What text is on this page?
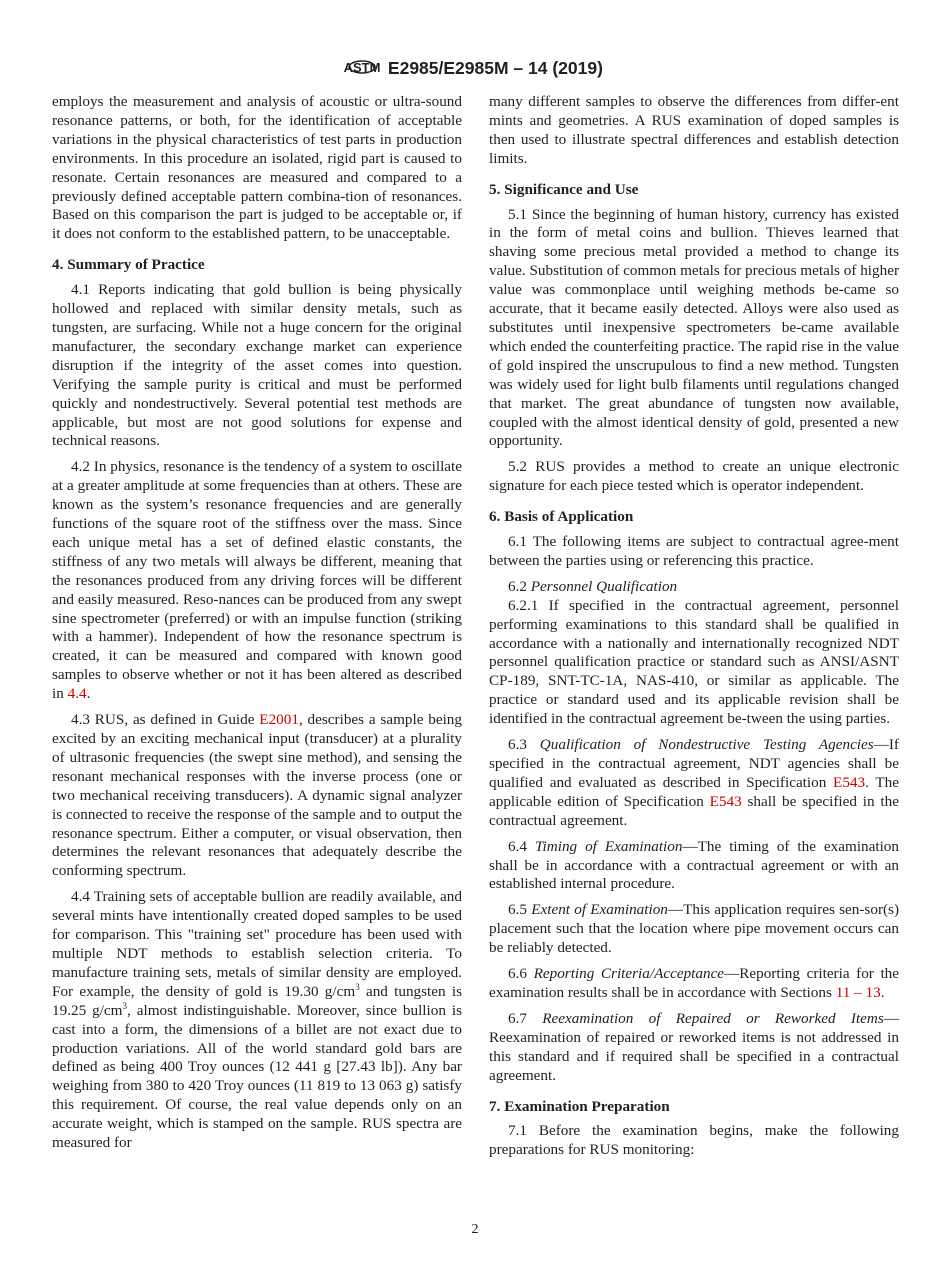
ASTM E2985/E2985M – 14 (2019)

employs the measurement and analysis of acoustic or ultra-sound resonance patterns, or both, for the identification of acceptable variations in the physical characteristics of test parts in production environments. In this procedure an isolated, rigid part is caused to resonate. Certain resonances are measured and compared to a previously defined acceptable pattern combina-tion of resonances. Based on this comparison the part is judged to be acceptable or, if it does not conform to the established pattern, to be unacceptable.

4. Summary of Practice

4.1 Reports indicating that gold bullion is being physically hollowed and replaced with similar density metals, such as tungsten, are surfacing. While not a huge concern for the original manufacturer, the secondary exchange market can experience disruption if the integrity of the asset comes into question. Verifying the sample purity is critical and must be performed quickly and nondestructively. Several potential test methods are applicable, but most are not good solutions for expense and technical reasons.

4.2 In physics, resonance is the tendency of a system to oscillate at a greater amplitude at some frequencies than at others. These are known as the system’s resonance frequencies and are generally functions of the square root of the stiffness over the mass. Since each unique metal has a set of defined elastic constants, the stiffness of any two metals will always be different, meaning that the resonances produced from any driving forces will be different and easily measured. Reso-nances can be produced from any swept sine spectrometer (preferred) or with an impulse function (striking with a hammer). Independent of how the resonance spectrum is created, it can be measured and compared with known good samples to observe whether or not it has been altered as described in 4.4.

4.3 RUS, as defined in Guide E2001, describes a sample being excited by an exciting mechanical input (transducer) at a plurality of ultrasonic frequencies (the swept sine method), and sensing the resonant mechanical responses with the inverse process (one or two mechanical receiving transducers). A dynamic signal analyzer is connected to receive the response of the sample and to output the resonance spectrum. Either a computer, or visual observation, then determines the relevant resonances that adequately describe the conforming spectrum.

4.4 Training sets of acceptable bullion are readily available, and several mints have intentionally created doped samples to be used for comparison. This "training set" procedure has been used with multiple NDT methods to establish selection criteria. To manufacture training sets, metals of similar density are employed. For example, the density of gold is 19.30 $g/cm^3$ and tungsten is 19.25 $g/cm^3$, almost indistinguishable. Moreover, since bullion is cast into a form, the dimensions of a billet are not exact due to production variations. All of the world standard gold bars are defined as being 400 Troy ounces (12 441 g [27.43 lb]). Any bar weighing from 380 to 420 Troy ounces (11 819 to 13 063 g) satisfy this requirement. Of course, the real value depends only on an accurate weight, which is stamped on the sample. RUS spectra are measured for

many different samples to observe the differences from differ-ent mints and geometries. A RUS examination of doped samples is then used to illustrate spectral differences and establish detection limits.

5. Significance and Use

5.1 Since the beginning of human history, currency has existed in the form of metal coins and bullion. Thieves learned that shaving some precious metal provided a method to change its value. Substitution of common metals for precious metals of higher value was commonplace until weighing methods be-came so accurate, that it became easily detected. Alloys were also used as substitutes until inexpensive spectrometers be-came available which ended the counterfeiting practice. The rapid rise in the value of gold inspired the unscrupulous to find a new method. Tungsten was widely used for light bulb filaments until regulations changed that market. The great abundance of tungsten now available, coupled with the almost identical density of gold, presented a new opportunity.

5.2 RUS provides a method to create an unique electronic signature for each piece tested which is operator independent.

6. Basis of Application

6.1 The following items are subject to contractual agree-ment between the parties using or referencing this practice.

6.2 Personnel Qualification

6.2.1 If specified in the contractual agreement, personnel performing examinations to this standard shall be qualified in accordance with a nationally and internationally recognized NDT personnel qualification practice or standard such as ANSI/ASNT CP-189, SNT-TC-1A, NAS-410, or similar as applicable. The practice or standard used and its applicable revision shall be identified in the contractual agreement be-tween the using parties.

6.3 Qualification of Nondestructive Testing Agencies—If specified in the contractual agreement, NDT agencies shall be qualified and evaluated as described in Specification E543. The applicable edition of Specification E543 shall be specified in the contractual agreement.

6.4 Timing of Examination—The timing of the examination shall be in accordance with a contractual agreement or with an established internal procedure.

6.5 Extent of Examination—This application requires sen-sor(s) placement such that the location where pipe movement occurs can be reliably detected.

6.6 Reporting Criteria/Acceptance—Reporting criteria for the examination results shall be in accordance with Sections 11 – 13.

6.7 Reexamination of Repaired or Reworked Items—Reexamination of repaired or reworked items is not addressed in this standard and if required shall be specified in a contractual agreement.

7. Examination Preparation

7.1 Before the examination begins, make the following preparations for RUS monitoring:

2
